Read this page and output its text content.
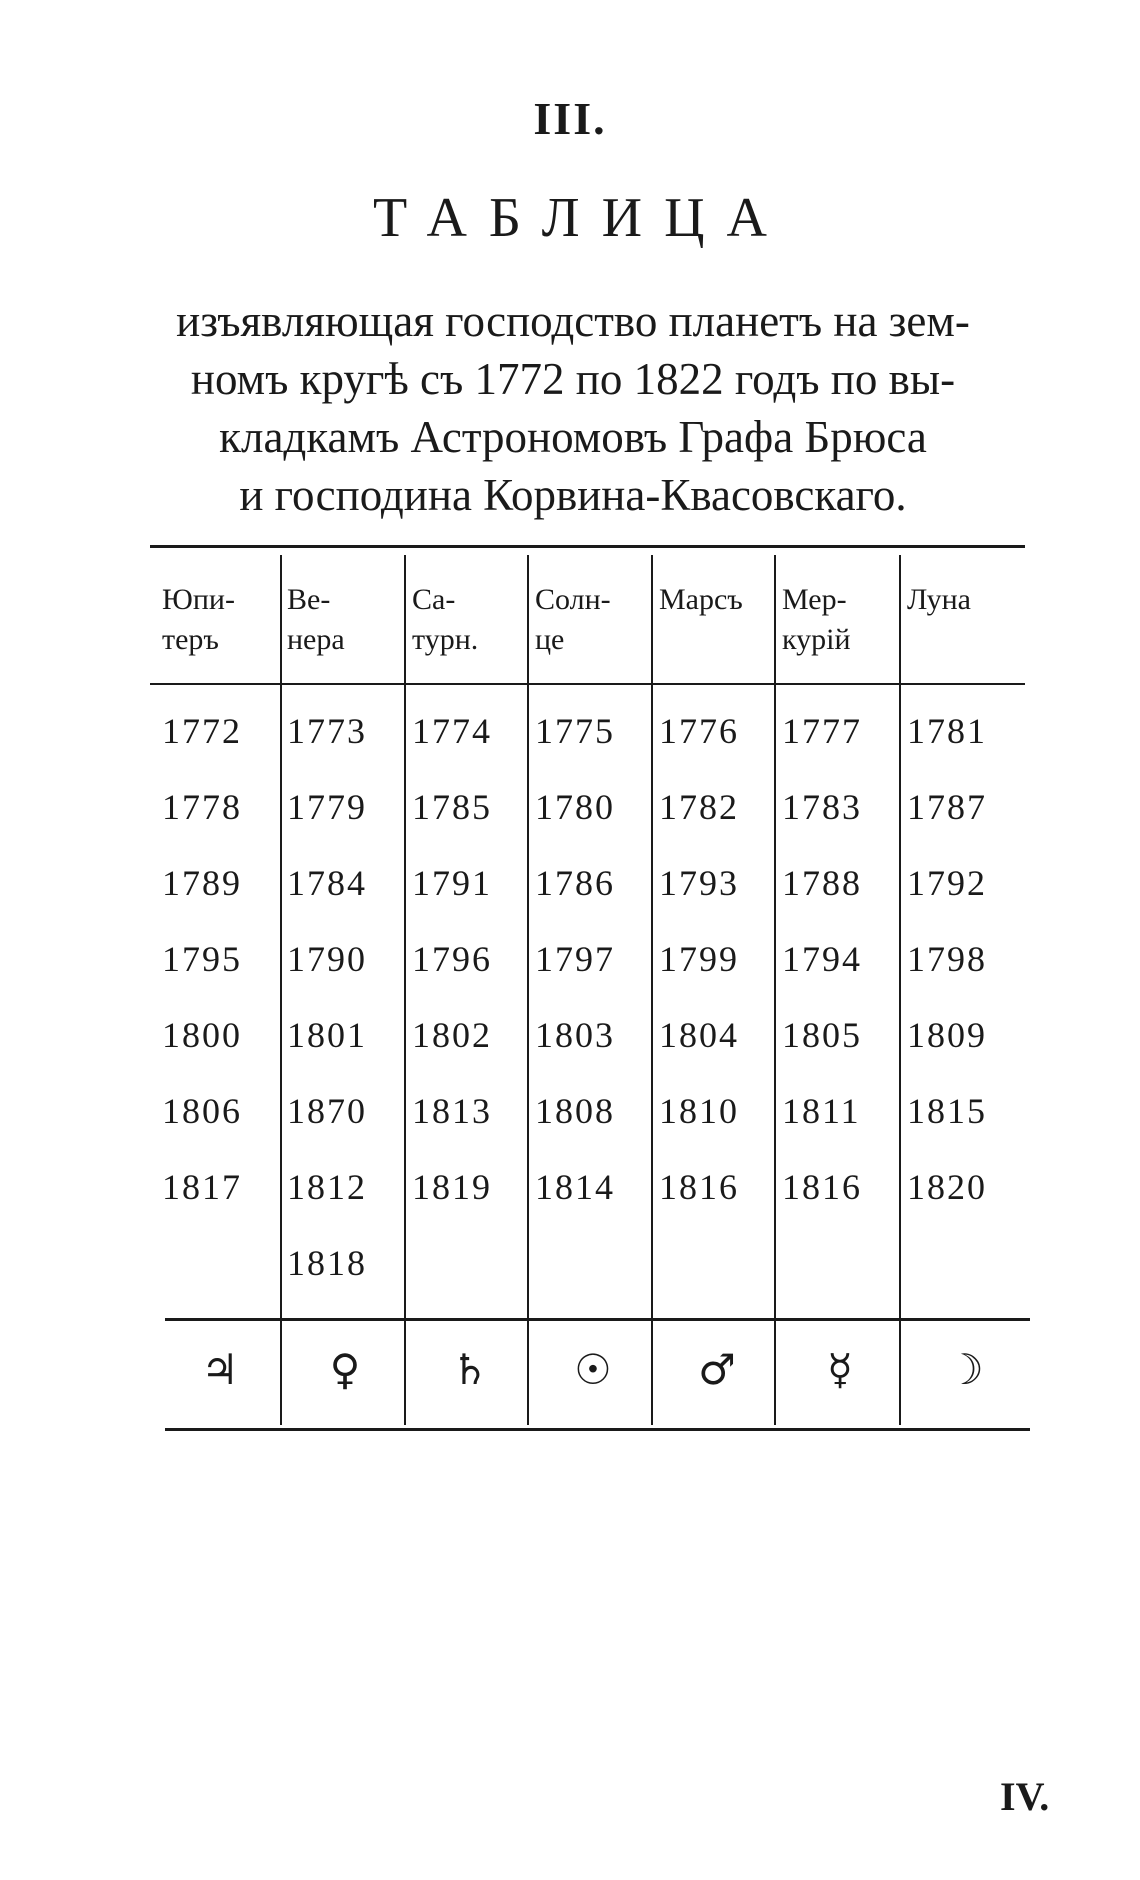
III.
ТАБЛИЦА
изъявляющая господство планетъ на зем-
номъ кругѣ съ 1772 по 1822 годъ по вы-
кладкамъ Астрономовъ Графа Брюса
и господина Корвина-Квасовскаго.
Юпи-
теръ
1772
1778
1789
1795
1800
1806
1817
♃
Ве-
нера
1773
1779
1784
1790
1801
1870
1812
1818
♀
Са-
турн.
1774
1785
1791
1796
1802
1813
1819
♄
Солн-
це
1775
1780
1786
1797
1803
1808
1814
☉
Марсъ
1776
1782
1793
1799
1804
1810
1816
♂
Мер-
курій
1777
1783
1788
1794
1805
1811
1816
☿
Луна
1781
1787
1792
1798
1809
1815
1820
☽
IV.
